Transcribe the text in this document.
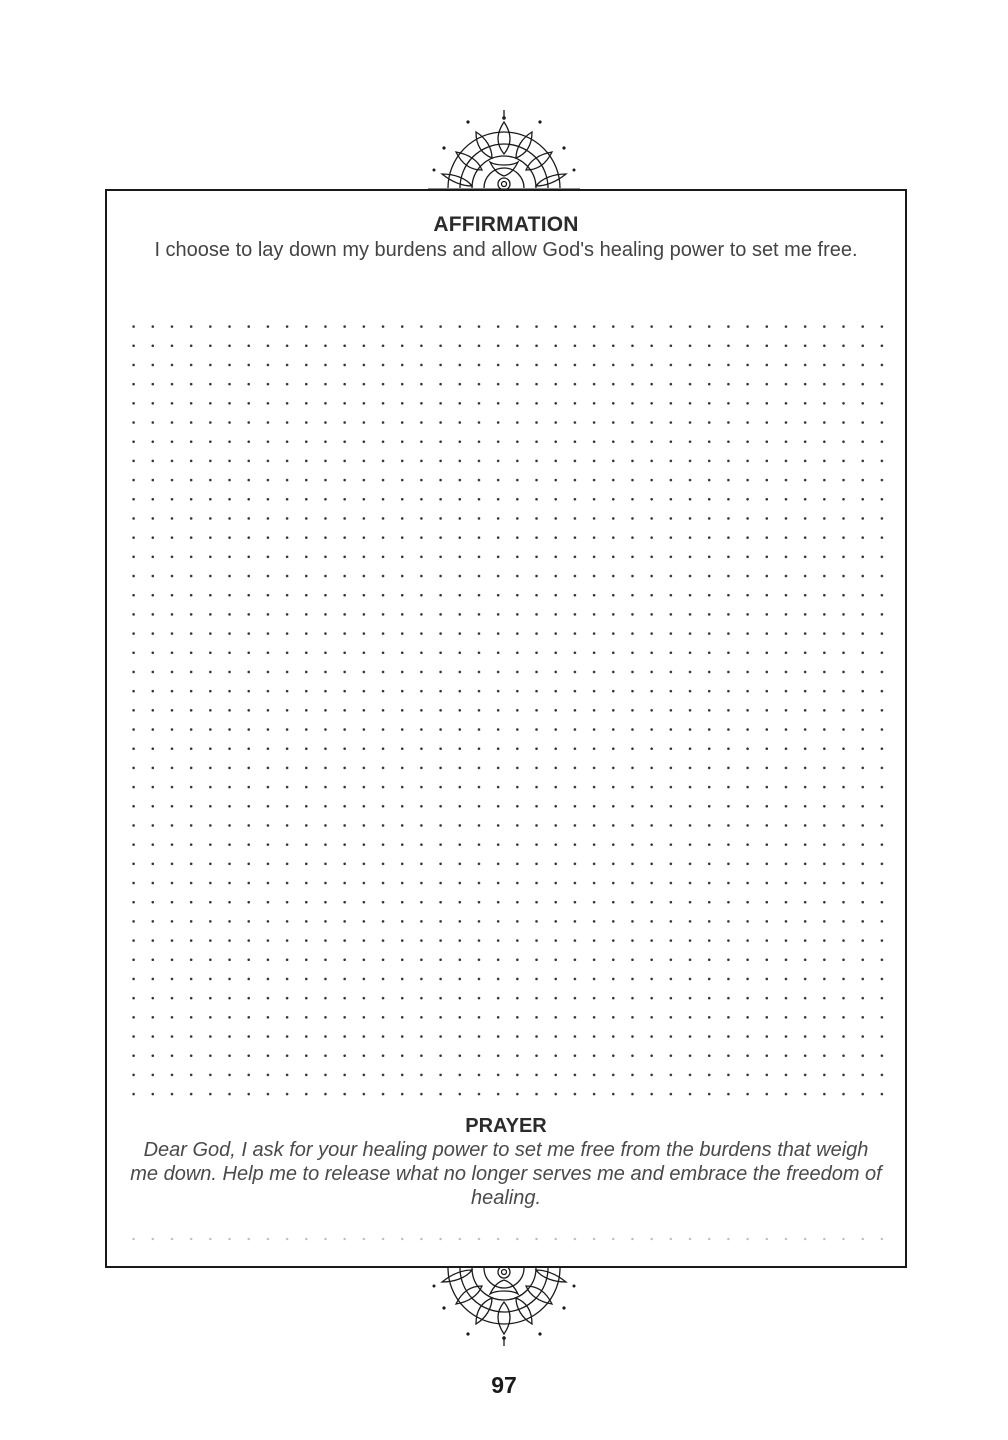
AFFIRMATION
I choose to lay down my burdens and allow God's healing power to set me free.
PRAYER
Dear God, I ask for your healing power to set me free from the burdens that weigh me down. Help me to release what no longer serves me and embrace the freedom of healing.
97
